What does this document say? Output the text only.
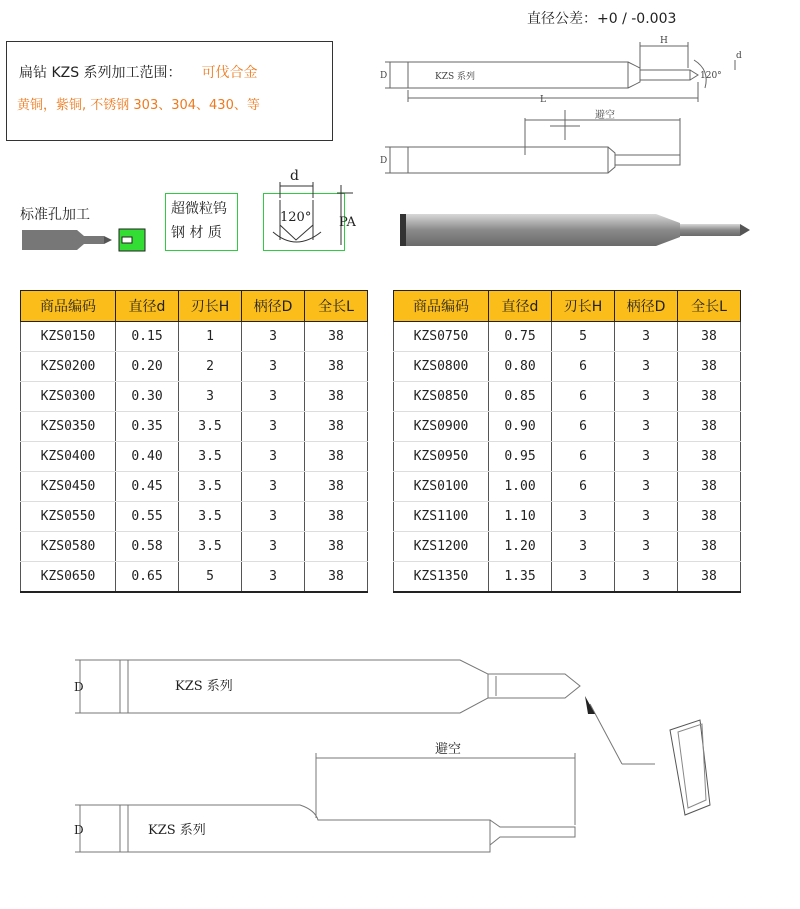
直径公差：+0 / -0.003
扁钻 KZS 系列加工范围： 可伐合金
黄铜，紫铜, 不锈钢 303、304、430、等
D
L
H
d
120°
KZS 系列
避空
D
标准孔加工	超微粒钨
钢 材 质
d
120° PA
商品编码	直径d	刃长H	柄径D	全长L
KZS0150	0.15	1	3	38
KZS0200	0.20	2	3	38
KZS0300	0.30	3	3	38
KZS0350	0.35	3.5	3	38
KZS0400	0.40	3.5	3	38
KZS0450	0.45	3.5	3	38
KZS0550	0.55	3.5	3	38
KZS0580	0.58	3.5	3	38
KZS0650	0.65	5	3	38
商品编码	直径d	刃长H	柄径D	全长L
KZS0750	0.75	5	3	38
KZS0800	0.80	6	3	38
KZS0850	0.85	6	3	38
KZS0900	0.90	6	3	38
KZS0950	0.95	6	3	38
KZS0100	1.00	6	3	38
KZS1100	1.10	3	3	38
KZS1200	1.20	3	3	38
KZS1350	1.35	3	3	38
D	KZS 系列
D	KZS 系列
避空
